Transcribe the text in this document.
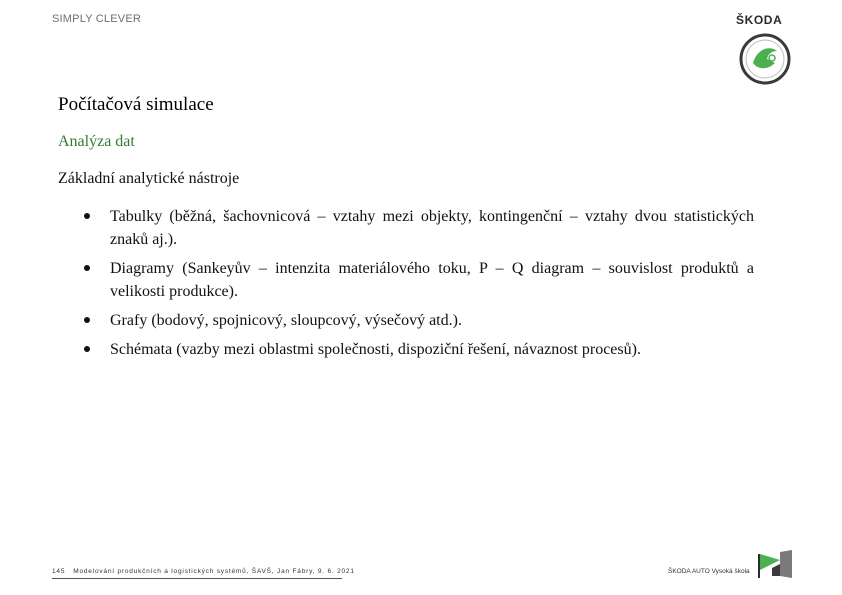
SIMPLY CLEVER	ŠKODA
Počítačová simulace
Analýza dat

Základní analytické nástroje

Tabulky (běžná, šachovnicová – vztahy mezi objekty, kontingenční – vztahy dvou statistických znaků aj.).
Diagramy (Sankeyův – intenzita materiálového toku, P – Q diagram – souvislost produktů a velikosti produkce).
Grafy (bodový, spojnicový, sloupcový, výsečový atd.).
Schémata (vazby mezi oblastmi společnosti, dispoziční řešení, návaznost procesů).
145 Modelování produkčních a logistických systémů, ŠAVŠ, Jan Fábry, 9. 6. 2021	ŠKODA AUTO Vysoká škola
